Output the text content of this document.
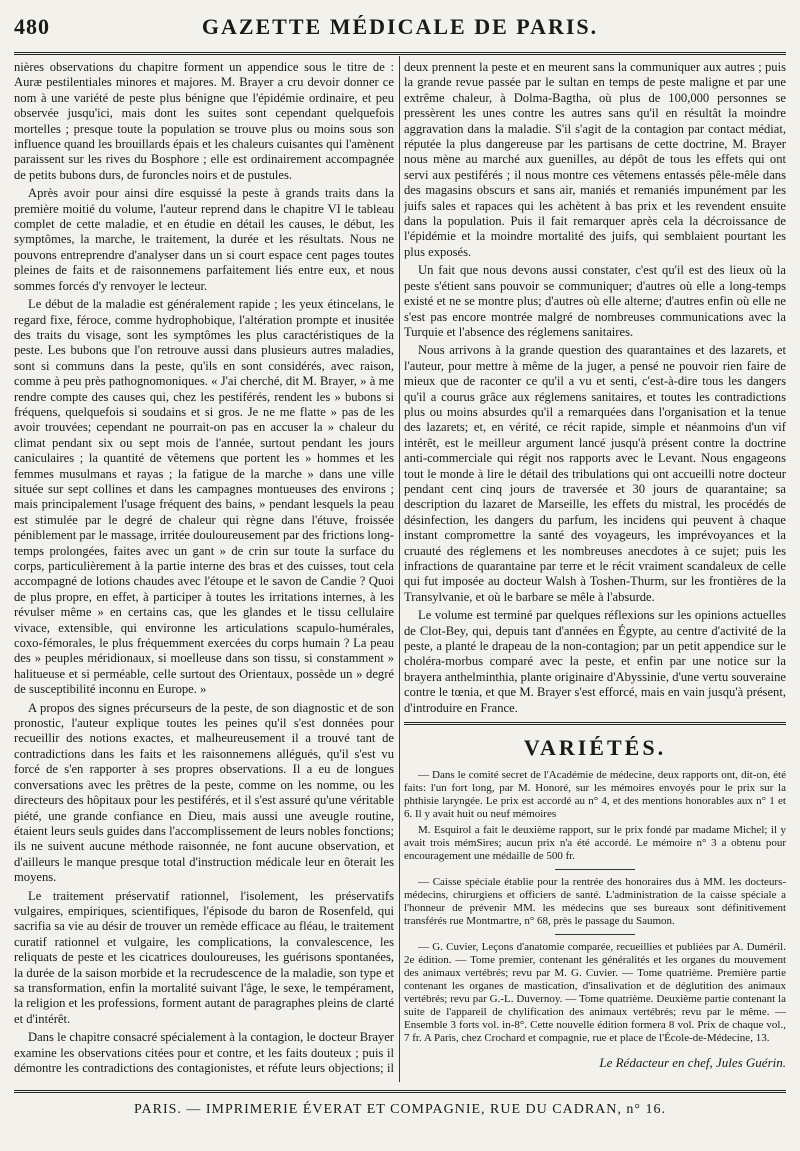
GAZETTE MÉDICALE DE PARIS.
480

nières observations du chapitre forment un appendice sous le titre de : Auræ pestilentiales minores et majores. M. Brayer a cru devoir donner ce nom à une variété de peste plus bénigne que l'épidémie ordinaire, et peu observée jusqu'ici, mais dont les suites sont cependant quelquefois mortelles ; presque toute la population se trouve plus ou moins sous son influence quand les brouillards épais et les chaleurs cuisantes qui l'amènent paraissent sur les rives du Bosphore ; elle est ordinairement accompagnée de petits bubons durs, de furoncles noirs et de pustules.

Après avoir pour ainsi dire esquissé la peste à grands traits dans la première moitié du volume, l'auteur reprend dans le chapitre VI le tableau complet de cette maladie, et en étudie en détail les causes, le début, les symptômes, la marche, le traitement, la durée et les résultats. Nous ne pouvons entreprendre d'analyser dans un si court espace cent pages toutes pleines de faits et de raisonnemens parfaitement liés entre eux, et nous sommes forcés d'y renvoyer le lecteur.

Le début de la maladie est généralement rapide ; les yeux étincelans, le regard fixe, féroce, comme hydrophobique, l'altération prompte et inusitée des traits du visage, sont les symptômes les plus caractéristiques de la peste. Les bubons que l'on retrouve aussi dans plusieurs autres maladies, sont si communs dans la peste, qu'ils en sont considérés, avec raison, comme à peu près pathognomoniques. « J'ai cherché, dit M. Brayer, » à me rendre compte des causes qui, chez les pestiférés, rendent les » bubons si fréquens, quelquefois si soudains et si gros. Je ne me flatte » pas de les avoir trouvées; cependant ne pourrait-on pas en accuser la » chaleur du climat pendant six ou sept mois de l'année, surtout pendant les jours caniculaires ; la quantité de vêtemens que portent les » hommes et les femmes musulmans et rayas ; la fatigue de la marche » dans une ville située sur sept collines et dans les campagnes montueuses des environs ; mais principalement l'usage fréquent des bains, » pendant lesquels la peau est stimulée par le degré de chaleur qui règne dans l'étuve, froissée péniblement par le massage, irritée douloureusement par des frictions long-temps prolongées, faites avec un gant » de crin sur toute la surface du corps, particulièrement à la partie interne des bras et des cuisses, tout cela accompagné de lotions chaudes avec l'étoupe et le savon de Candie ? Quoi de plus propre, en effet, à participer à toutes les irritations internes, à les révulser même » en certains cas, que les glandes et le tissu cellulaire vivace, extensible, qui environne les articulations scapulo-humérales, coxo-fémorales, le plus fréquemment exercées du corps humain ? La peau des » peuples méridionaux, si moelleuse dans son tissu, si constamment » halitueuse et si perméable, celle surtout des Orientaux, possède un » degré de susceptibilité inconnu en Europe. »

A propos des signes précurseurs de la peste, de son diagnostic et de son pronostic, l'auteur explique toutes les peines qu'il s'est données pour recueillir des notions exactes, et malheureusement il a trouvé tant de contradictions dans les faits et les raisonnemens allégués, qu'il s'est vu forcé de s'en rapporter à ses propres observations. Il a eu de longues conversations avec les prêtres de la peste, comme on les nomme, ou les directeurs des hôpitaux pour les pestiférés, et il s'est assuré qu'une véritable piété, une grande confiance en Dieu, mais aussi une aveugle routine, étaient leurs seuls guides dans l'accomplissement de leurs nobles fonctions; ils ne suivent aucune méthode raisonnée, ne font aucune observation, et d'ailleurs le manque presque total d'instruction médicale leur en ôterait les moyens.

Le traitement préservatif rationnel, l'isolement, les préservatifs vulgaires, empiriques, scientifiques, l'épisode du baron de Rosenfeld, qui sacrifia sa vie au désir de trouver un remède efficace au fléau, le traitement curatif rationnel et vulgaire, les complications, la convalescence, les reliquats de peste et les cicatrices douloureuses, les guérisons spontanées, la durée de la saison morbide et la recrudescence de la maladie, son type et sa transformation, enfin la mortalité suivant l'âge, le sexe, le tempérament, la religion et les professions, forment autant de paragraphes pleins de clarté et d'intérêt.

Dans le chapitre consacré spécialement à la contagion, le docteur Brayer examine les observations citées pour et contre, et les faits douteux ; puis il démontre les contradictions des contagionistes, et réfute leurs objections; il

deux prennent la peste et en meurent sans la communiquer aux autres ; puis la grande revue passée par le sultan en temps de peste maligne et par une extrême chaleur, à Dolma-Bagtha, où plus de 100,000 personnes se pressèrent les unes contre les autres sans qu'il en résultât la moindre aggravation dans la maladie. S'il s'agit de la contagion par contact médiat, réputée la plus dangereuse par les partisans de cette doctrine, M. Brayer nous mène au marché aux guenilles, au dépôt de tous les effets qui ont servi aux pestiférés ; il nous montre ces vêtemens entassés pêle-mêle dans des magasins obscurs et sans air, maniés et remaniés impunément par les juifs sales et rapaces qui les achètent à bas prix et les revendent ensuite dans la population. Puis il fait remarquer après cela la décroissance de l'épidémie et la moindre mortalité des juifs, qui semblaient pourtant les plus exposés.

Un fait que nous devons aussi constater, c'est qu'il est des lieux où la peste s'étient sans pouvoir se communiquer; d'autres où elle a long-temps existé et ne se montre plus; d'autres où elle alterne; d'autres enfin où elle ne s'est pas encore montrée malgré de nombreuses communications avec la Turquie et l'absence des réglemens sanitaires.

Nous arrivons à la grande question des quarantaines et des lazarets, et l'auteur, pour mettre à même de la juger, a pensé ne pouvoir rien faire de mieux que de raconter ce qu'il a vu et senti, c'est-à-dire tous les dangers qu'il a courus grâce aux réglemens sanitaires, et toutes les contradictions plus ou moins absurdes qu'il a remarquées dans l'organisation et la tenue des lazarets; et, en vérité, ce récit rapide, simple et néanmoins d'un vif intérêt, est le meilleur argument lancé jusqu'à présent contre la doctrine anti-commerciale qui régit nos rapports avec le Levant. Nous engageons tout le monde à lire le détail des tribulations qui ont accueilli notre docteur pendant cent cinq jours de traversée et 30 jours de quarantaine; sa description du lazaret de Marseille, les effets du mistral, les procédés de désinfection, les dangers du parfum, les incidens qui peuvent à chaque instant compromettre la santé des voyageurs, les imprévoyances et la cruauté des réglemens et les nombreuses anecdotes à ce sujet; puis les infractions de quarantaine par terre et le récit vraiment scandaleux de celle qui fut imposée au docteur Walsh à Toshen-Thurm, sur les frontières de la Transylvanie, et où le barbare se mêle à l'absurde.

Le volume est terminé par quelques réflexions sur les opinions actuelles de Clot-Bey, qui, depuis tant d'années en Égypte, au centre d'activité de la peste, a planté le drapeau de la non-contagion; par un petit appendice sur le choléra-morbus comparé avec la peste, et enfin par une notice sur la brayera anthelminthia, plante originaire d'Abyssinie, d'une vertu souveraine contre le tœnia, et que M. Brayer s'est efforcé, mais en vain jusqu'à présent, d'introduire en France.

VARIÉTÉS.

— Dans le comité secret de l'Académie de médecine, deux rapports ont, dit-on, été faits: l'un fort long, par M. Honoré, sur les mémoires envoyés pour le prix sur la phthisie laryngée. Le prix est accordé au n° 4, et des mentions honorables aux n° 1 et 6. Il y avait huit ou neuf mémoires

M. Esquirol a fait le deuxième rapport, sur le prix fondé par madame Michel; il y avait trois mémSires; aucun prix n'a été accordé. Le mémoire n° 3 a obtenu pour encouragement une médaille de 500 fr.

— Caisse spéciale établie pour la rentrée des honoraires dus à MM. les docteurs-médecins, chirurgiens et officiers de santé. L'administration de la caisse spéciale a l'honneur de prévenir MM. les médecins que ses bureaux sont définitivement transférés rue Montmartre, n° 68, près le passage du Saumon.

— G. Cuvier, Leçons d'anatomie comparée, recueillies et publiées par A. Duméril. 2e édition. — Tome premier, contenant les généralités et les organes du mouvement des animaux vertébrés; revu par M. G. Cuvier. — Tome quatrième. Première partie contenant les organes de mastication, d'insalivation et de déglutition des animaux vertébrés; revu par G.-L. Duvernoy. — Tome quatrième. Deuxième partie contenant la suite de l'appareil de chylification des animaux vertébrés; revu par le même. — Ensemble 3 forts vol. in-8°. Cette nouvelle édition formera 8 vol. Prix de chaque vol., 7 fr. A Paris, chez Crochard et compagnie, rue et place de l'École-de-Médecine, 13.

Le Rédacteur en chef, Jules Guérin.
PARIS. — IMPRIMERIE ÉVERAT ET COMPAGNIE, RUE DU CADRAN, n° 16.
